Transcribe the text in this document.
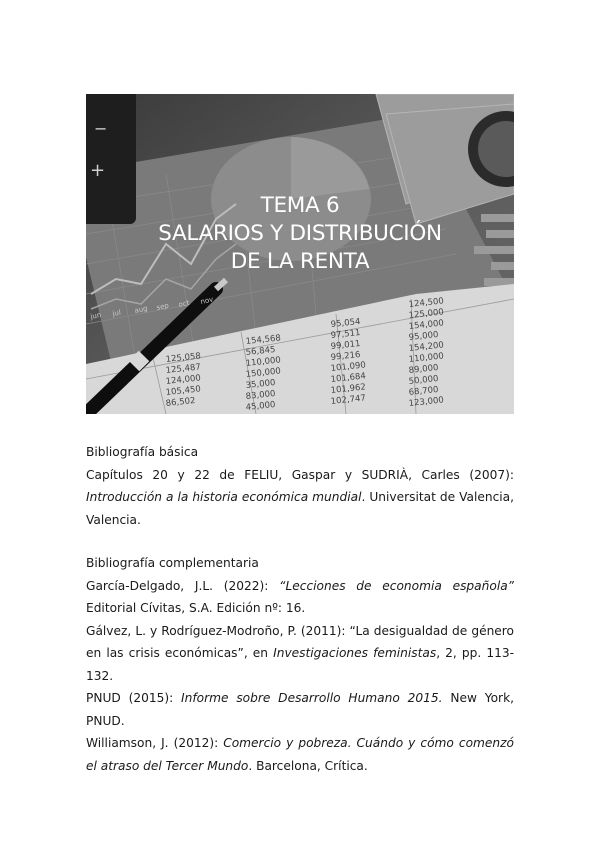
−
+
jun jul aug sep oct nov
125,058
125,487
124,000
105,450
86,502
154,568
56,845
110,000
150,000
35,000
83,000
45,000
95,054
97,511
99,011
99,216
101,090
101,684
101,962
102,747
124,500
125,000
154,000
95,000
154,200
110,000
89,000
50,000
68,700
123,000
TEMA 6
SALARIOS Y DISTRIBUCIÓN
DE LA RENTA

Bibliografía básica

Capítulos 20 y 22 de FELIU, Gaspar y SUDRIÀ, Carles (2007): Introducción a la historia económica mundial. Universitat de Valencia, Valencia.

Bibliografía complementaria

García-Delgado, J.L. (2022): “Lecciones de economia española” Editorial Cívitas, S.A. Edición nº: 16.

Gálvez, L. y Rodríguez-Modroño, P. (2011): “La desigualdad de género en las crisis económicas”, en Investigaciones feministas, 2, pp. 113-132.

PNUD (2015): Informe sobre Desarrollo Humano 2015. New York, PNUD.

Williamson, J. (2012): Comercio y pobreza. Cuándo y cómo comenzó el atraso del Tercer Mundo. Barcelona, Crítica.
